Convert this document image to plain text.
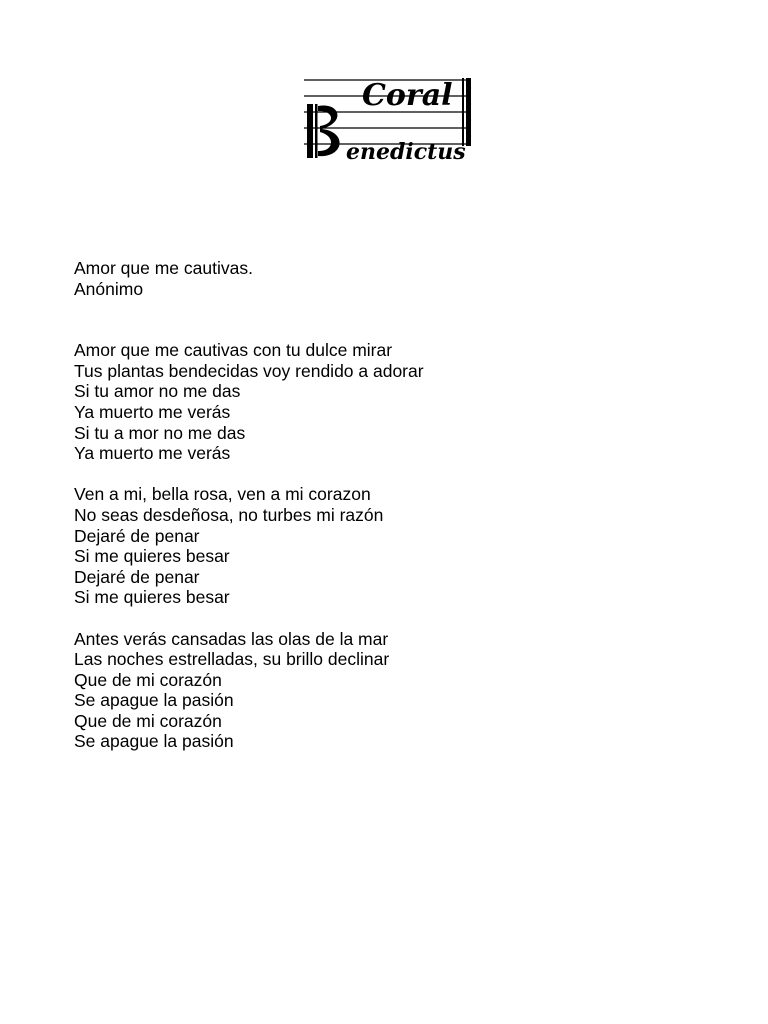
Coral
enedictus

Amor que me cautivas.

Anónimo

Amor que me cautivas con tu dulce mirar

Tus plantas bendecidas voy rendido a adorar

Si tu amor no me das

Ya muerto me verás

Si tu a mor no me das

Ya muerto me verás

Ven a mi, bella rosa, ven a mi corazon

No seas desdeñosa, no turbes mi razón

Dejaré de penar

Si me quieres besar

Dejaré de penar

Si me quieres besar

Antes verás cansadas las olas de la mar

Las noches estrelladas, su brillo declinar

Que de mi corazón

Se apague la pasión

Que de mi corazón

Se apague la pasión
